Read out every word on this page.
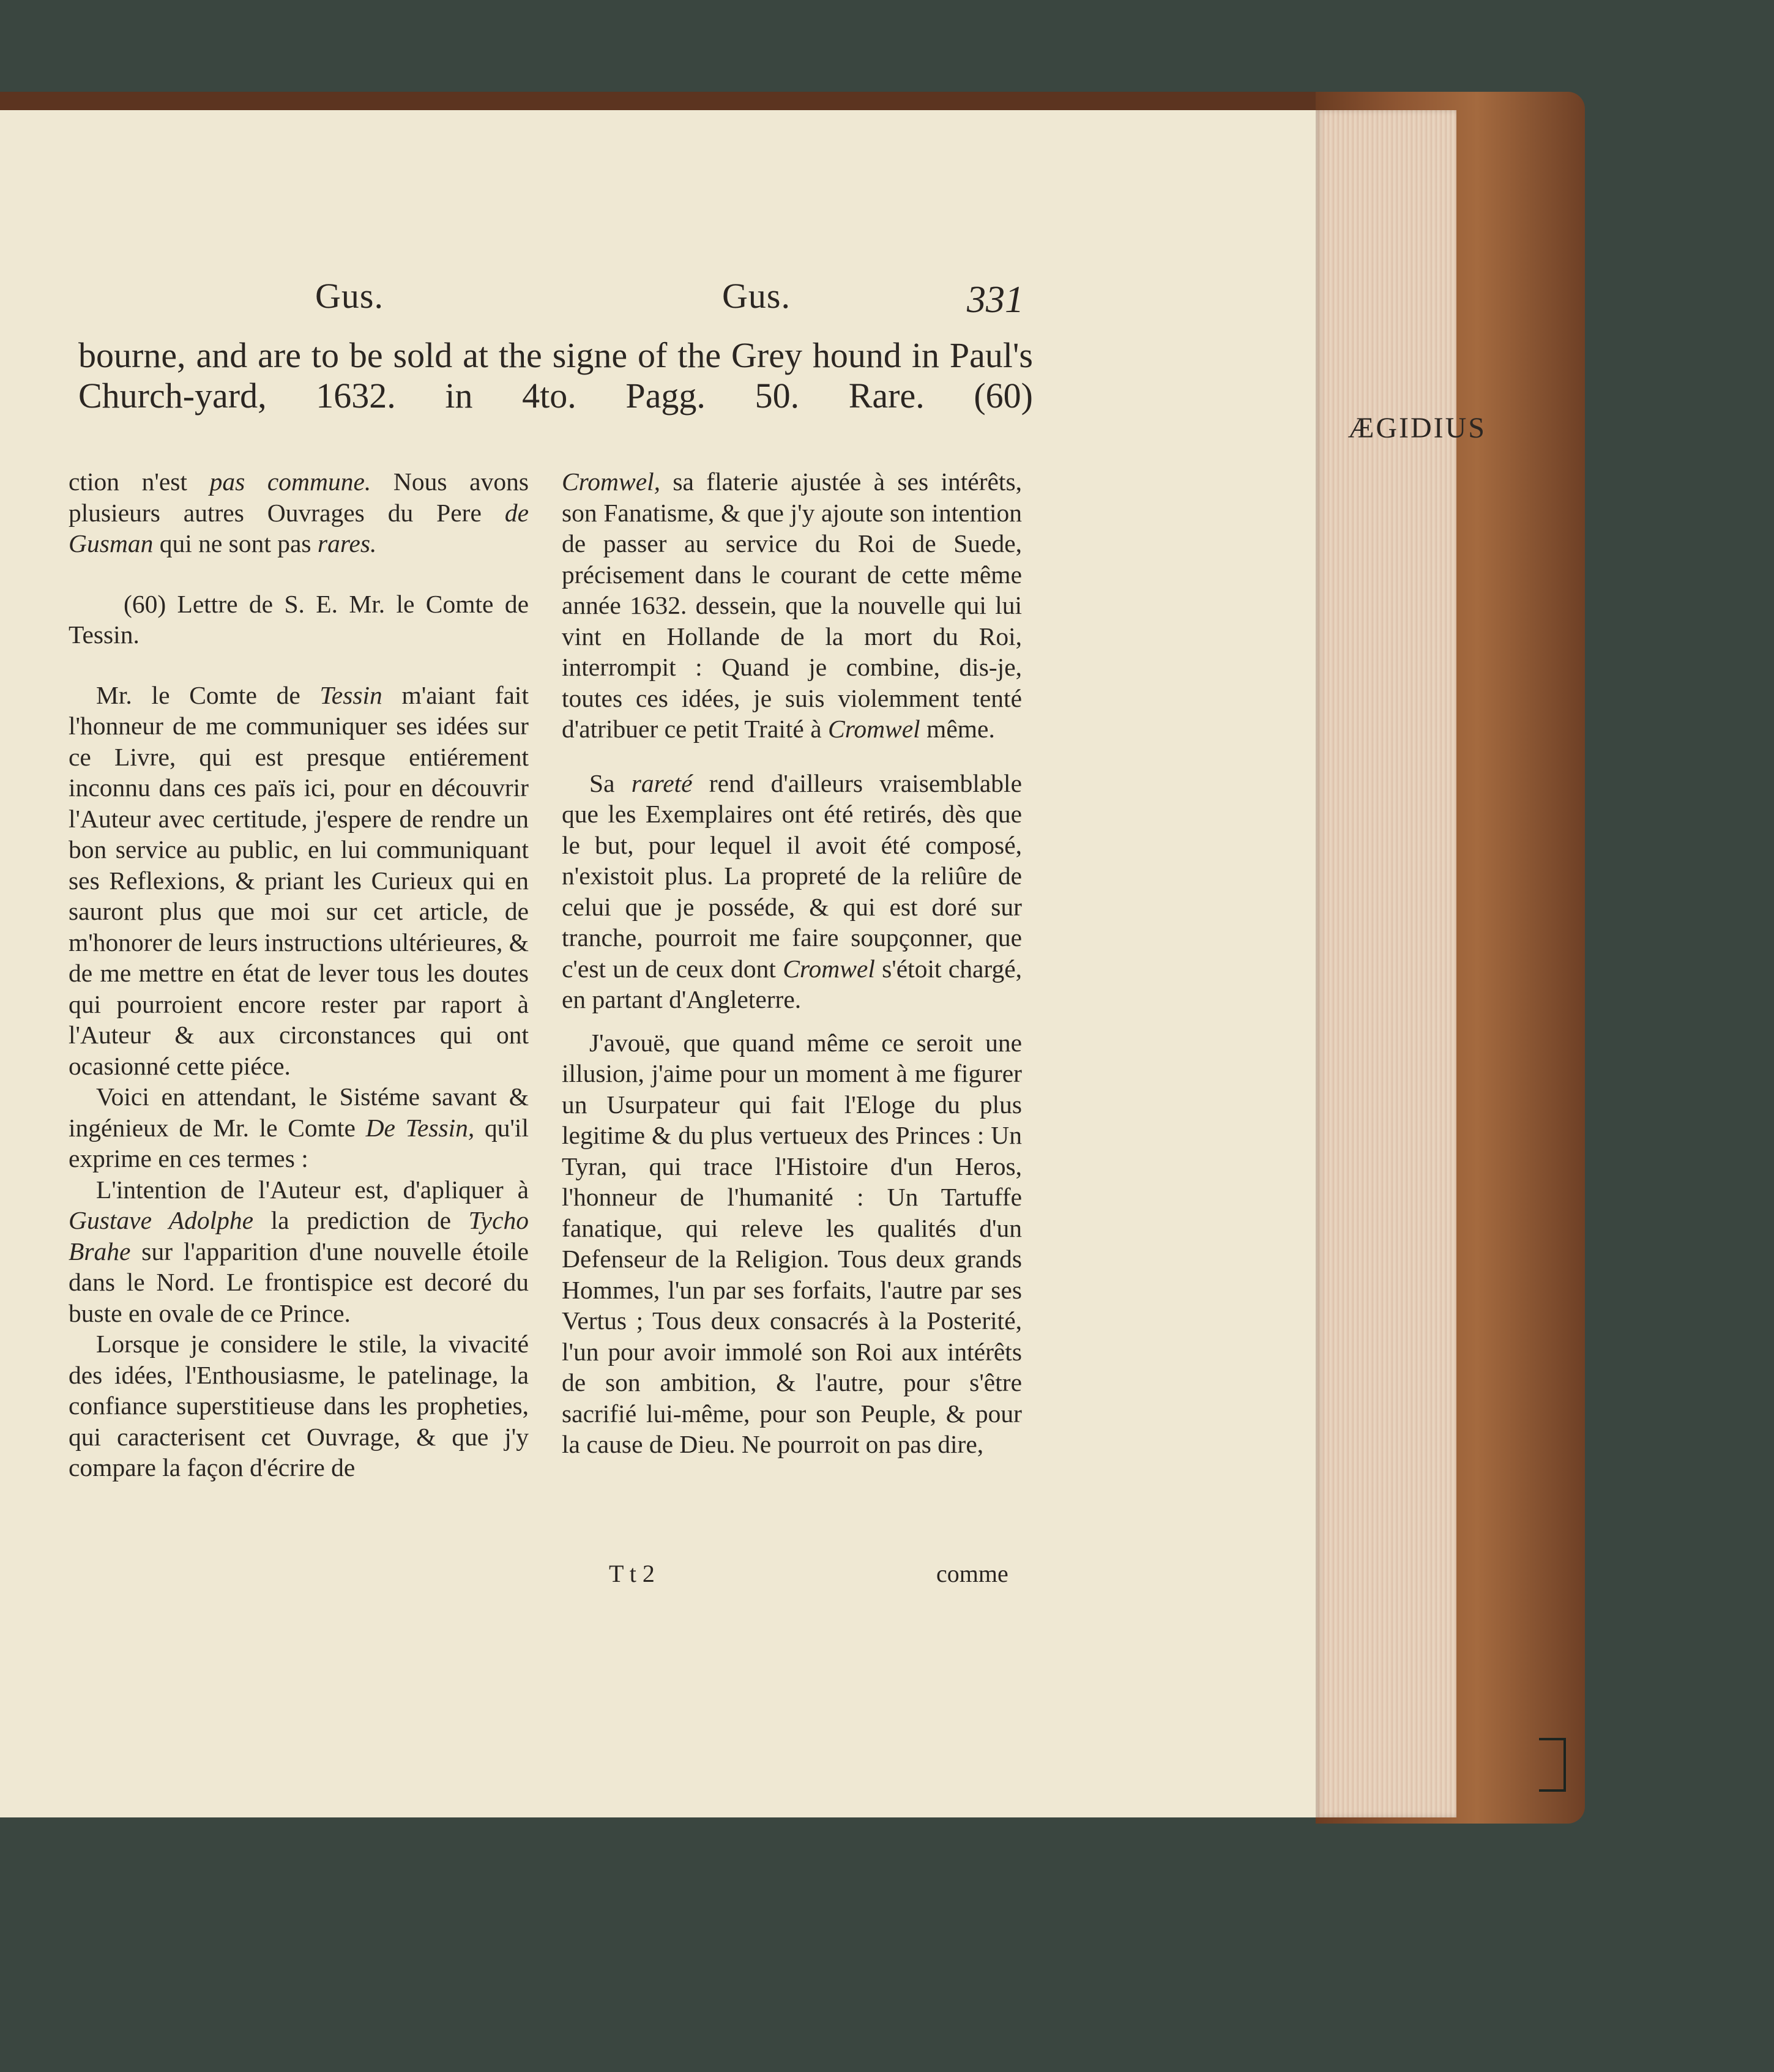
Gus.	Gus.	331
bourne, and are to be sold at the signe of the Grey hound in Paul's
Church-yard, 1632. in 4to. Pagg. 50. Rare. (60)
ÆGIDIUS

ction n'est pas commune. Nous avons plusieurs autres Ouvrages du Pere de Gusman qui ne sont pas rares.

(60) Lettre de S. E. Mr. le Comte de Tessin.

Mr. le Comte de Tessin m'aiant fait l'honneur de me communiquer ses idées sur ce Livre, qui est presque entiérement inconnu dans ces païs ici, pour en découvrir l'Auteur avec certitude, j'espere de rendre un bon service au public, en lui communiquant ses Reflexions, & priant les Curieux qui en sauront plus que moi sur cet article, de m'honorer de leurs instructions ultérieures, & de me mettre en état de lever tous les doutes qui pourroient encore rester par raport à l'Auteur & aux circonstances qui ont ocasionné cette piéce.

Voici en attendant, le Sistéme savant & ingénieux de Mr. le Comte De Tessin, qu'il exprime en ces termes :

L'intention de l'Auteur est, d'apliquer à Gustave Adolphe la prediction de Tycho Brahe sur l'apparition d'une nouvelle étoile dans le Nord. Le frontispice est decoré du buste en ovale de ce Prince.

Lorsque je considere le stile, la vivacité des idées, l'Enthousiasme, le patelinage, la confiance superstitieuse dans les propheties, qui caracterisent cet Ouvrage, & que j'y compare la façon d'écrire de

T t 2

Cromwel, sa flaterie ajustée à ses intérêts, son Fanatisme, & que j'y ajoute son intention de passer au service du Roi de Suede, précisement dans le courant de cette même année 1632. dessein, que la nouvelle qui lui vint en Hollande de la mort du Roi, interrompit : Quand je combine, dis-je, toutes ces idées, je suis violemment tenté d'atribuer ce petit Traité à Cromwel même.

Sa rareté rend d'ailleurs vraisemblable que les Exemplaires ont été retirés, dès que le but, pour lequel il avoit été composé, n'existoit plus. La propreté de la reliûre de celui que je posséde, & qui est doré sur tranche, pourroit me faire soupçonner, que c'est un de ceux dont Cromwel s'étoit chargé, en partant d'Angleterre.

J'avouë, que quand même ce seroit une illusion, j'aime pour un moment à me figurer un Usurpateur qui fait l'Eloge du plus legitime & du plus vertueux des Princes : Un Tyran, qui trace l'Histoire d'un Heros, l'honneur de l'humanité : Un Tartuffe fanatique, qui releve les qualités d'un Defenseur de la Religion. Tous deux grands Hommes, l'un par ses forfaits, l'autre par ses Vertus ; Tous deux consacrés à la Posterité, l'un pour avoir immolé son Roi aux intérêts de son ambition, & l'autre, pour s'être sacrifié lui-même, pour son Peuple, & pour la cause de Dieu. Ne pourroit on pas dire,

comme
